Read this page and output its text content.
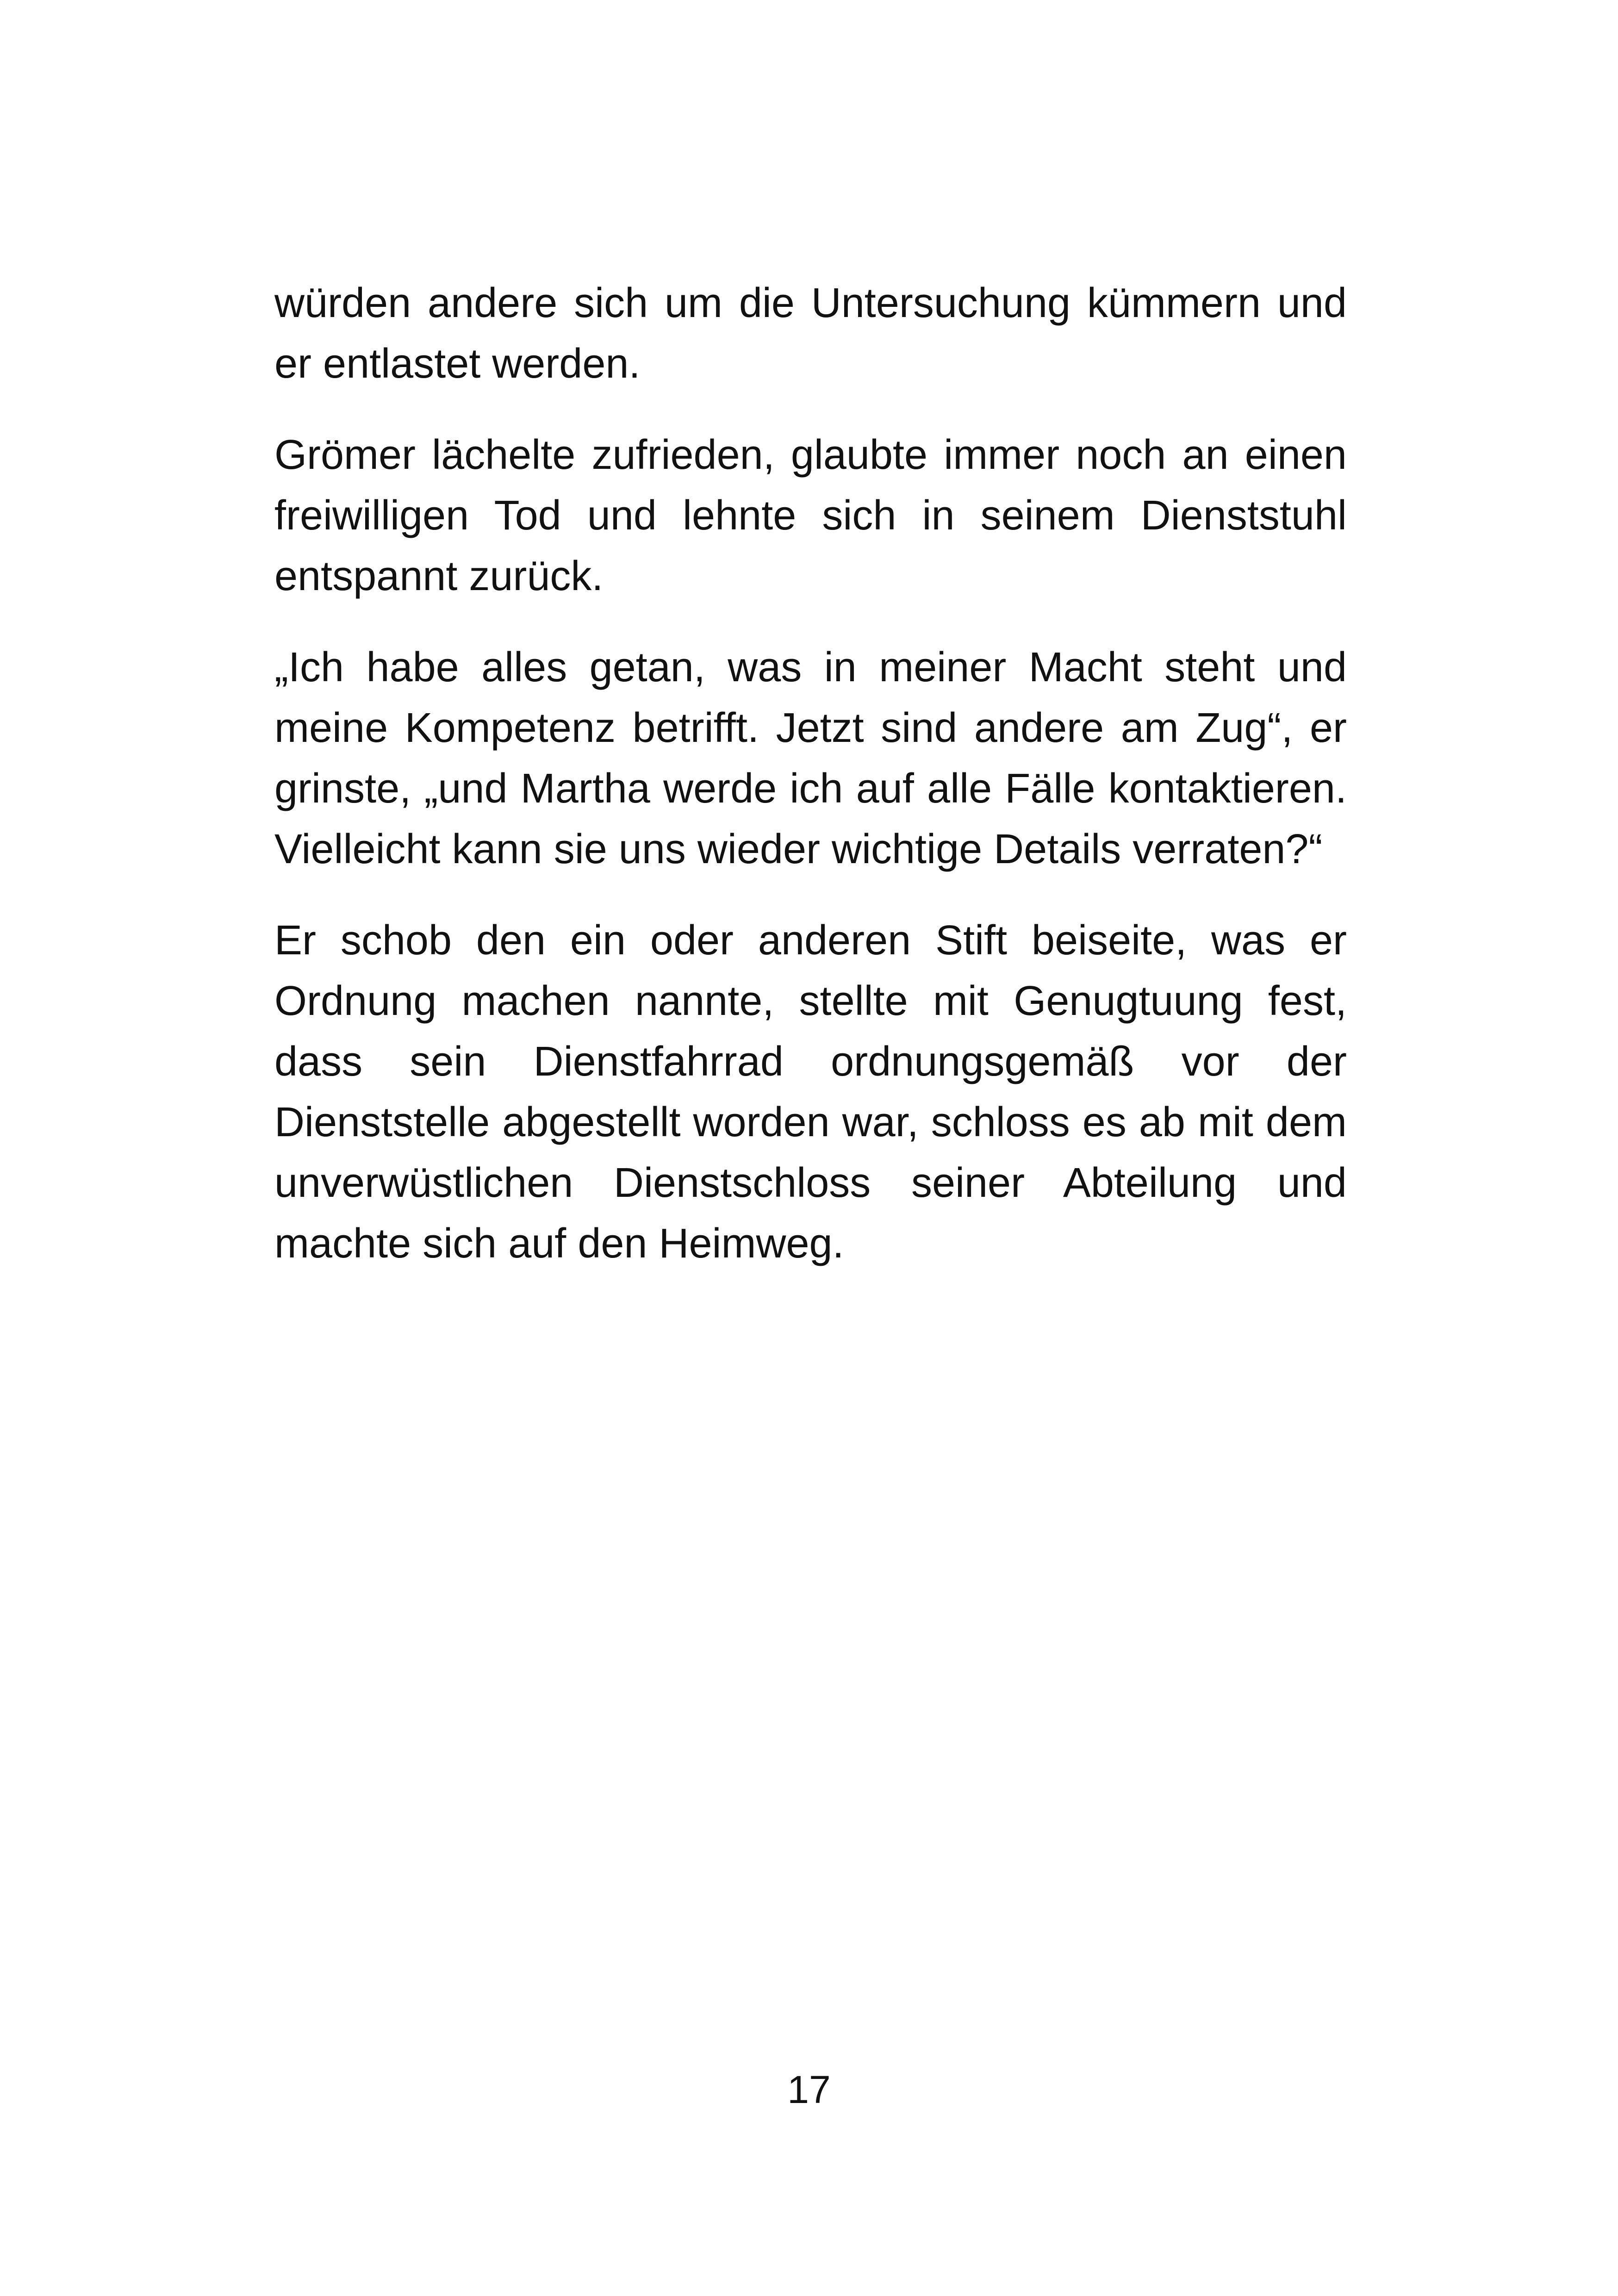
würden andere sich um die Untersuchung kümmern und er entlastet werden.

Grömer lächelte zufrieden, glaubte immer noch an einen freiwilligen Tod und lehnte sich in seinem Dienststuhl entspannt zurück.

„Ich habe alles getan, was in meiner Macht steht und meine Kompetenz betrifft. Jetzt sind andere am Zug“, er grinste, „und Martha werde ich auf alle Fälle kontaktieren. Vielleicht kann sie uns wieder wichtige Details verraten?“

Er schob den ein oder anderen Stift beiseite, was er Ordnung machen nannte, stellte mit Genugtuung fest, dass sein Dienstfahrrad ordnungsgemäß vor der Dienststelle abgestellt worden war, schloss es ab mit dem unverwüstlichen Dienstschloss seiner Abteilung und machte sich auf den Heimweg.

17
